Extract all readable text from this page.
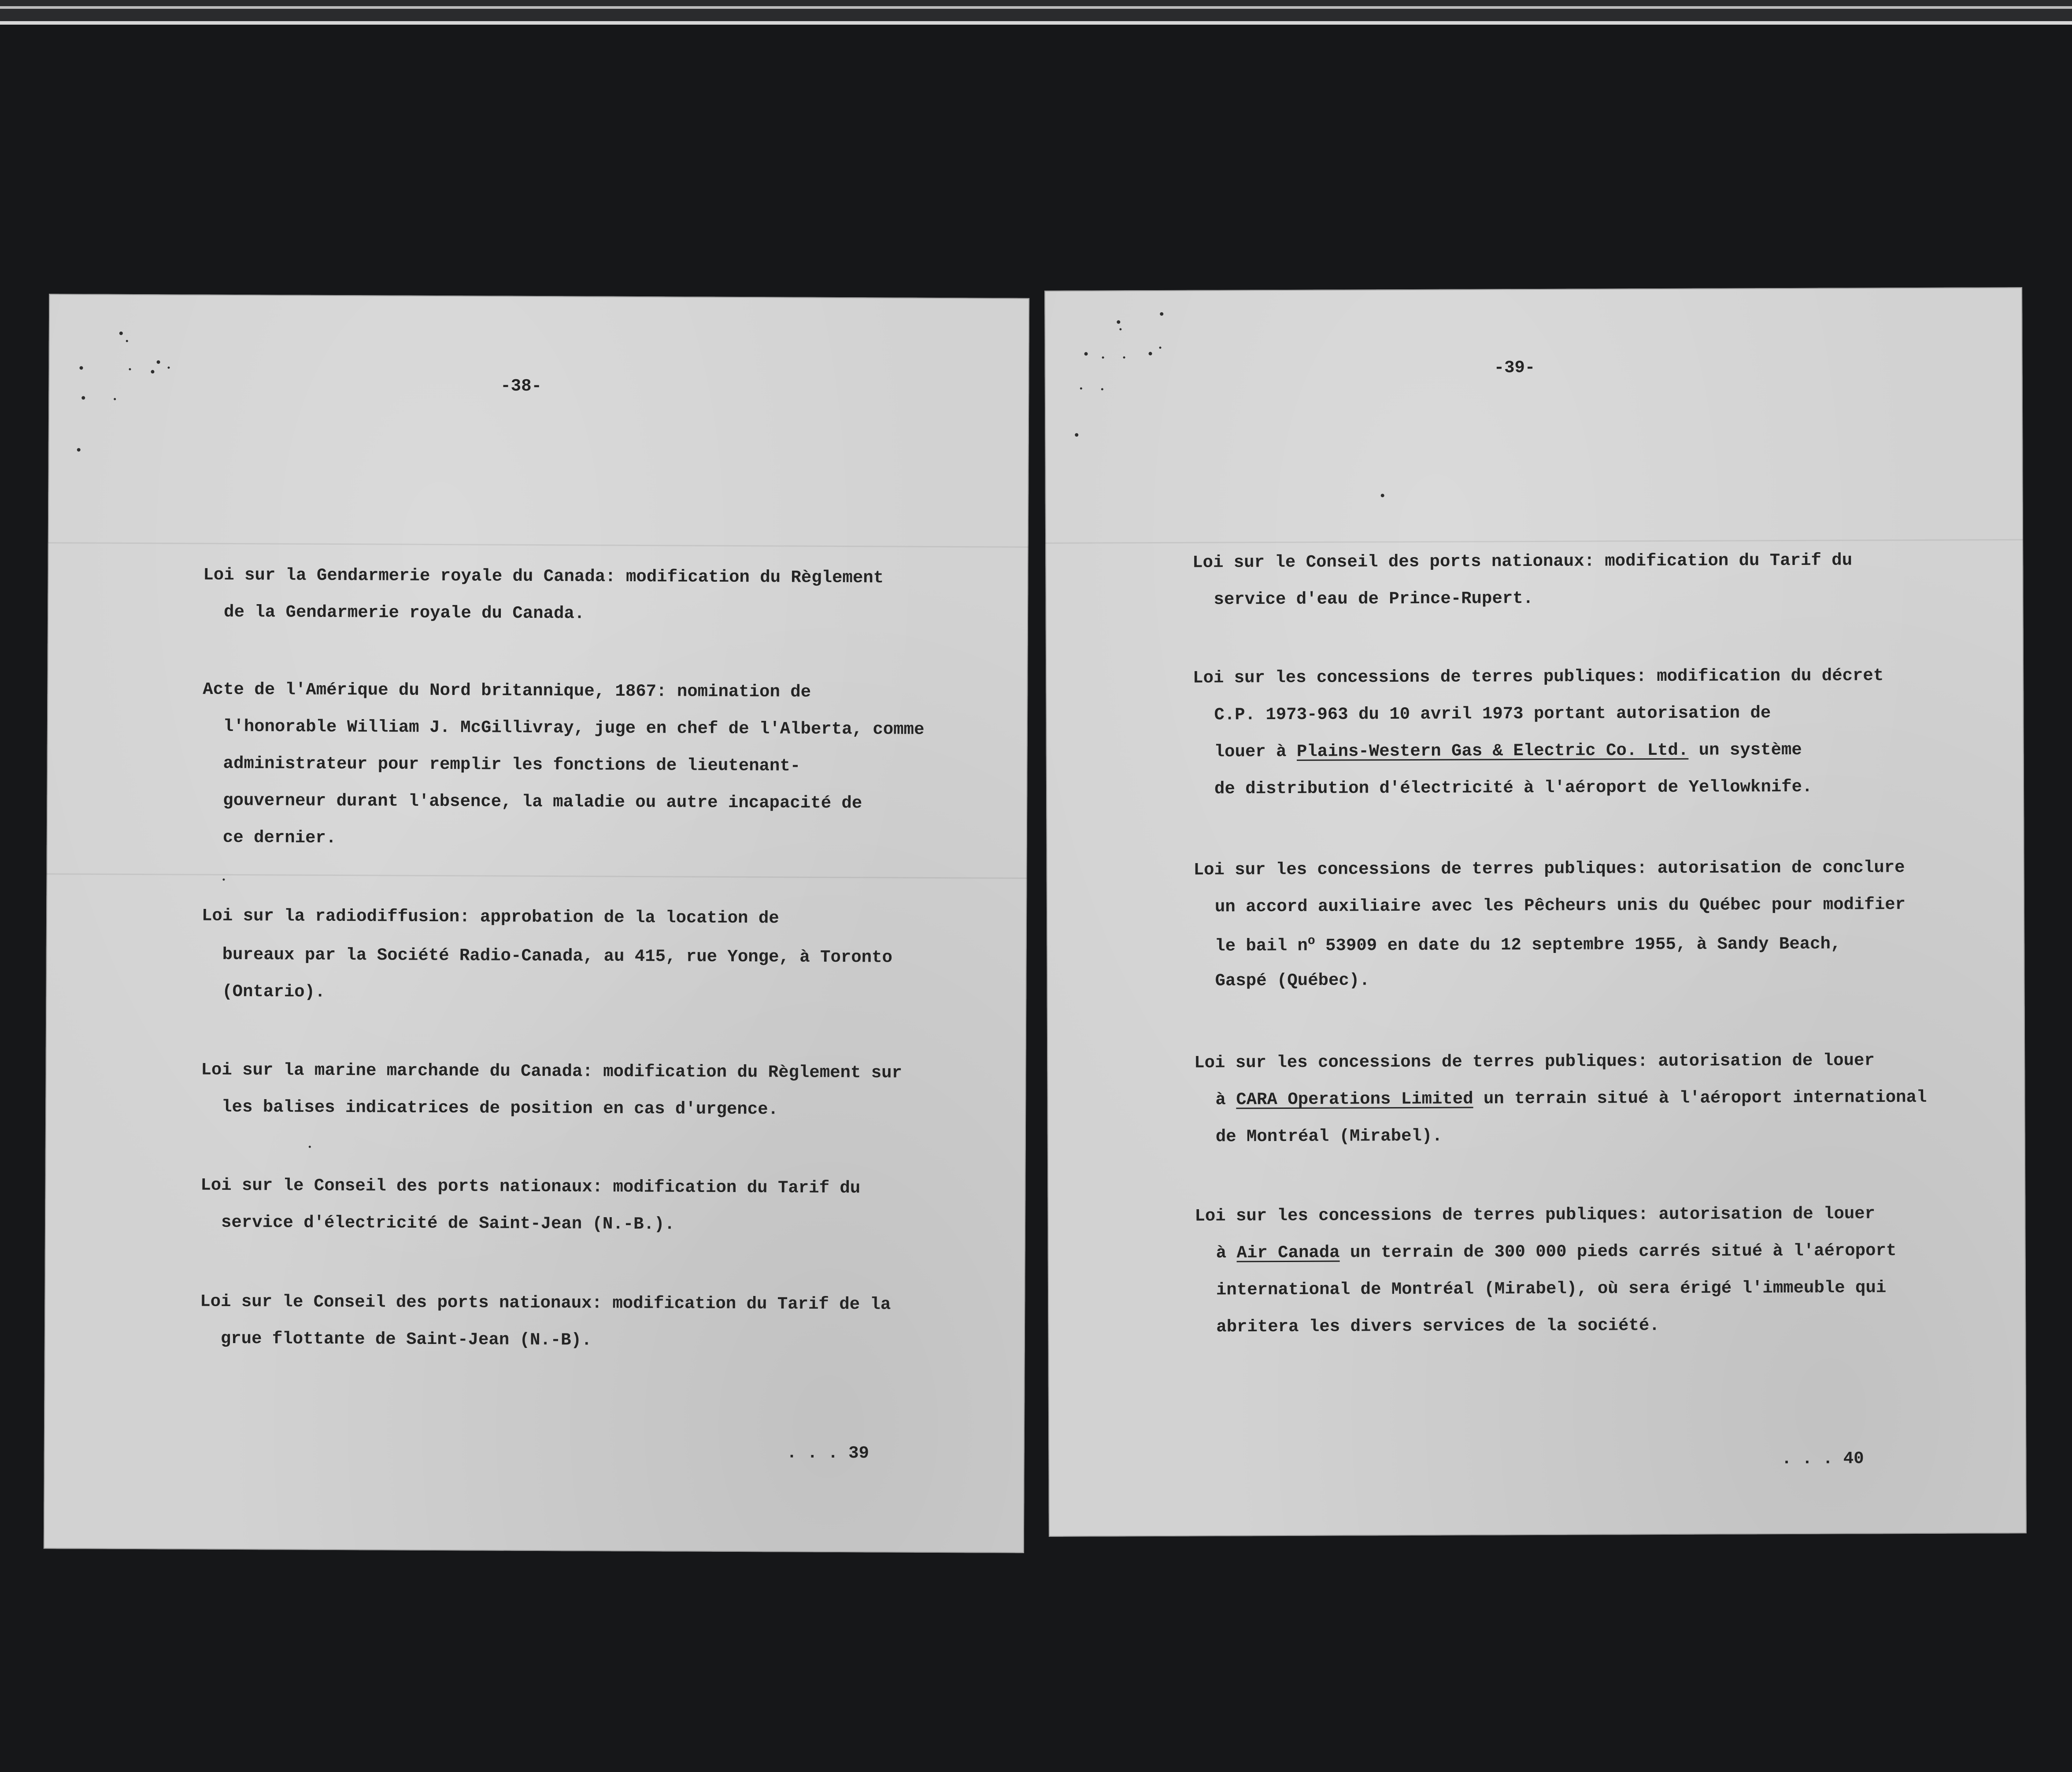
-38-
Loi sur la Gendarmerie royale du Canada: modification du Règlement
de la Gendarmerie royale du Canada.
Acte de l'Amérique du Nord britannique, 1867: nomination de
l'honorable William J. McGillivray, juge en chef de l'Alberta, comme
administrateur pour remplir les fonctions de lieutenant-
gouverneur durant l'absence, la maladie ou autre incapacité de
ce dernier.
Loi sur la radiodiffusion: approbation de la location de
bureaux par la Société Radio-Canada, au 415, rue Yonge, à Toronto
(Ontario).
Loi sur la marine marchande du Canada: modification du Règlement sur
les balises indicatrices de position en cas d'urgence.
Loi sur le Conseil des ports nationaux: modification du Tarif du
service d'électricité de Saint-Jean (N.-B.).
Loi sur le Conseil des ports nationaux: modification du Tarif de la
grue flottante de Saint-Jean (N.-B).
. . . 39
-39-
Loi sur le Conseil des ports nationaux: modification du Tarif du
service d'eau de Prince-Rupert.
Loi sur les concessions de terres publiques: modification du décret
C.P. 1973-963 du 10 avril 1973 portant autorisation de
louer à Plains-Western Gas & Electric Co. Ltd. un système
de distribution d'électricité à l'aéroport de Yellowknife.
Loi sur les concessions de terres publiques: autorisation de conclure
un accord auxiliaire avec les Pêcheurs unis du Québec pour modifier
le bail $n^o$ 53909 en date du 12 septembre 1955, à Sandy Beach,
Gaspé (Québec).
Loi sur les concessions de terres publiques: autorisation de louer
à CARA Operations Limited un terrain situé à l'aéroport international
de Montréal (Mirabel).
Loi sur les concessions de terres publiques: autorisation de louer
à Air Canada un terrain de 300 000 pieds carrés situé à l'aéroport
international de Montréal (Mirabel), où sera érigé l'immeuble qui
abritera les divers services de la société.
. . . 40
